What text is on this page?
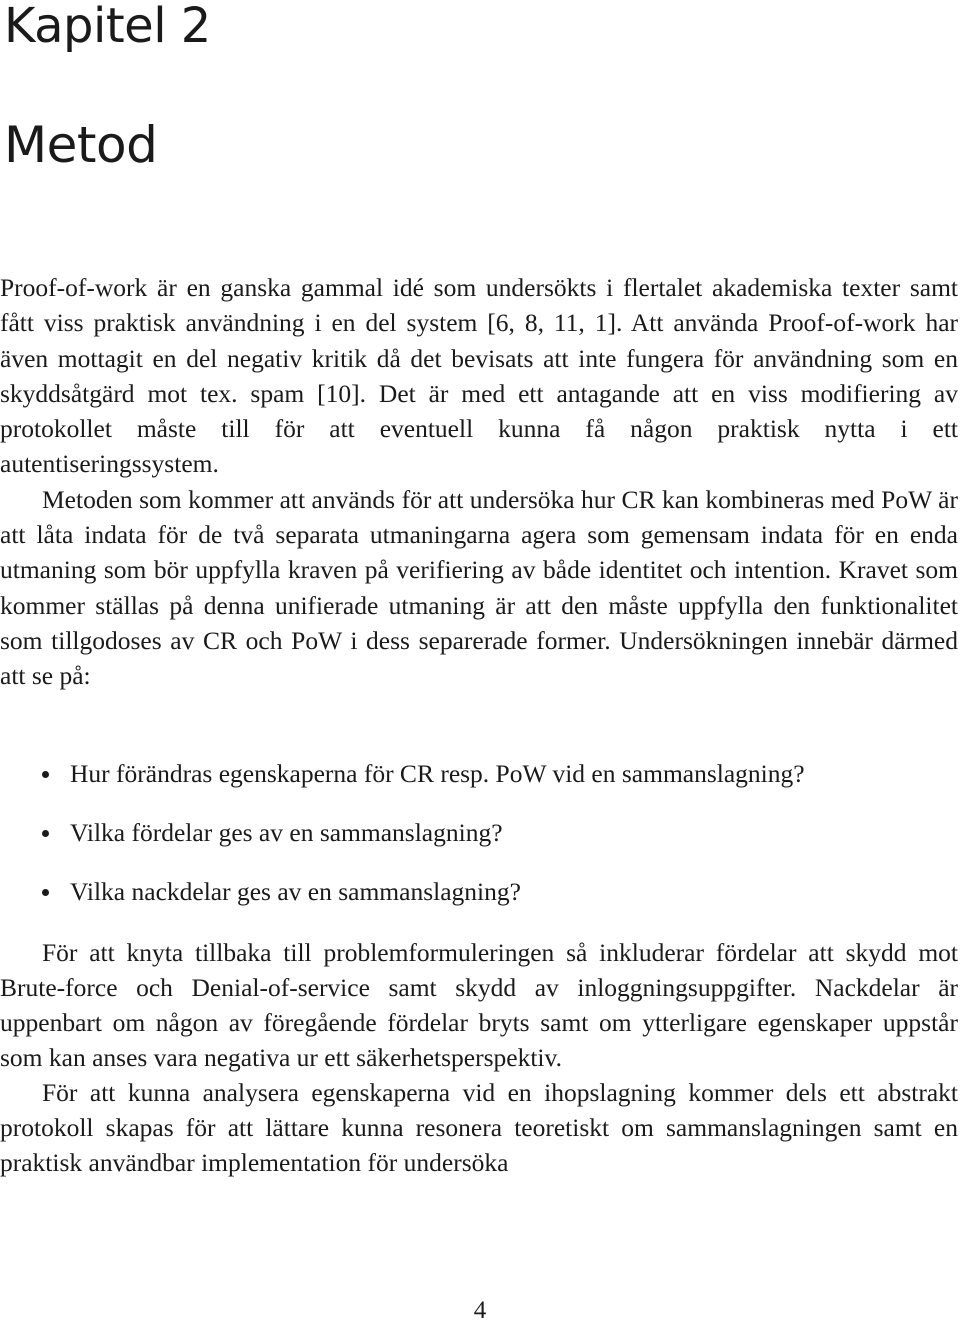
Kapitel 2
Metod

Proof-of-work är en ganska gammal idé som undersökts i flertalet akademiska texter samt fått viss praktisk användning i en del system [6, 8, 11, 1]. Att använda Proof-of-work har även mottagit en del negativ kritik då det bevisats att inte fungera för användning som en skyddsåtgärd mot tex. spam [10]. Det är med ett antagande att en viss modifiering av protokollet måste till för att eventuell kunna få någon praktisk nytta i ett autentiseringssystem.

Metoden som kommer att används för att undersöka hur CR kan kombineras med PoW är att låta indata för de två separata utmaningarna agera som gemensam indata för en enda utmaning som bör uppfylla kraven på verifiering av både identitet och intention. Kravet som kommer ställas på denna unifierade utmaning är att den måste uppfylla den funktionalitet som tillgodoses av CR och PoW i dess separerade former. Undersökningen innebär därmed att se på:

Hur förändras egenskaperna för CR resp. PoW vid en sammanslagning?
Vilka fördelar ges av en sammanslagning?
Vilka nackdelar ges av en sammanslagning?

För att knyta tillbaka till problemformuleringen så inkluderar fördelar att skydd mot Brute-force och Denial-of-service samt skydd av inloggningsuppgifter. Nackdelar är uppenbart om någon av föregående fördelar bryts samt om ytterligare egenskaper uppstår som kan anses vara negativa ur ett säkerhetsperspektiv.

För att kunna analysera egenskaperna vid en ihopslagning kommer dels ett abstrakt protokoll skapas för att lättare kunna resonera teoretiskt om sammanslagningen samt en praktisk användbar implementation för undersöka

4
